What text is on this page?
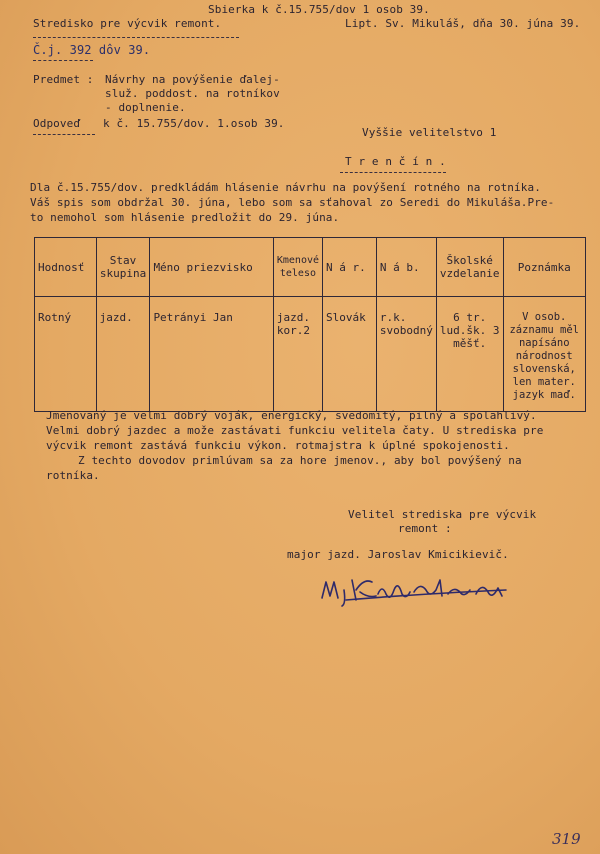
Sbierka k č.15.755/dov 1 osob 39.
Stredisko pre výcvik remont.	Lipt. Sv. Mikuláš, dňa 30. júna 39.
Č.j. 392 dôv 39.
Predmet : Návrhy na povýšenie ďalej-
služ. poddost. na rotníkov
- doplnenie.
Odpoveď k č. 15.755/dov. 1.osob 39.
Vyššie velitelstvo 1
T r e n č í n .
Dla č.15.755/dov. predkládám hlásenie návrhu na povýšení rotného na rotníka.
Váš spis som obdržal 30. júna, lebo som sa sťahoval zo Seredi do Mikuláša.Pre-
to nemohol som hlásenie predložit do 29. júna.
Hodnosť	Stav skupina	Méno priezvisko	Kmenové teleso	N á r.	N á b.	Školské vzdelanie	Poznámka
Rotný	jazd.	Petrányi Jan	jazd. kor.2	Slovák	r.k. svobodný	6 tr. lud.šk. 3 měšť.	V osob. záznamu měl napísáno národnost slovenská, len mater. jazyk maď.
Jmenovaný je velmi dobrý voják, energický, svedomitý, pilný a spolahlivý.
Velmi dobrý jazdec a može zastávati funkciu velitela čaty. U strediska pre
výcvik remont zastává funkciu výkon. rotmajstra k úplné spokojenosti.
Z techto dovodov primlúvam sa za hore jmenov., aby bol povýšený na
rotníka.
Velitel strediska pre výcvik
remont :
major jazd. Jaroslav Kmicikievič.
319
